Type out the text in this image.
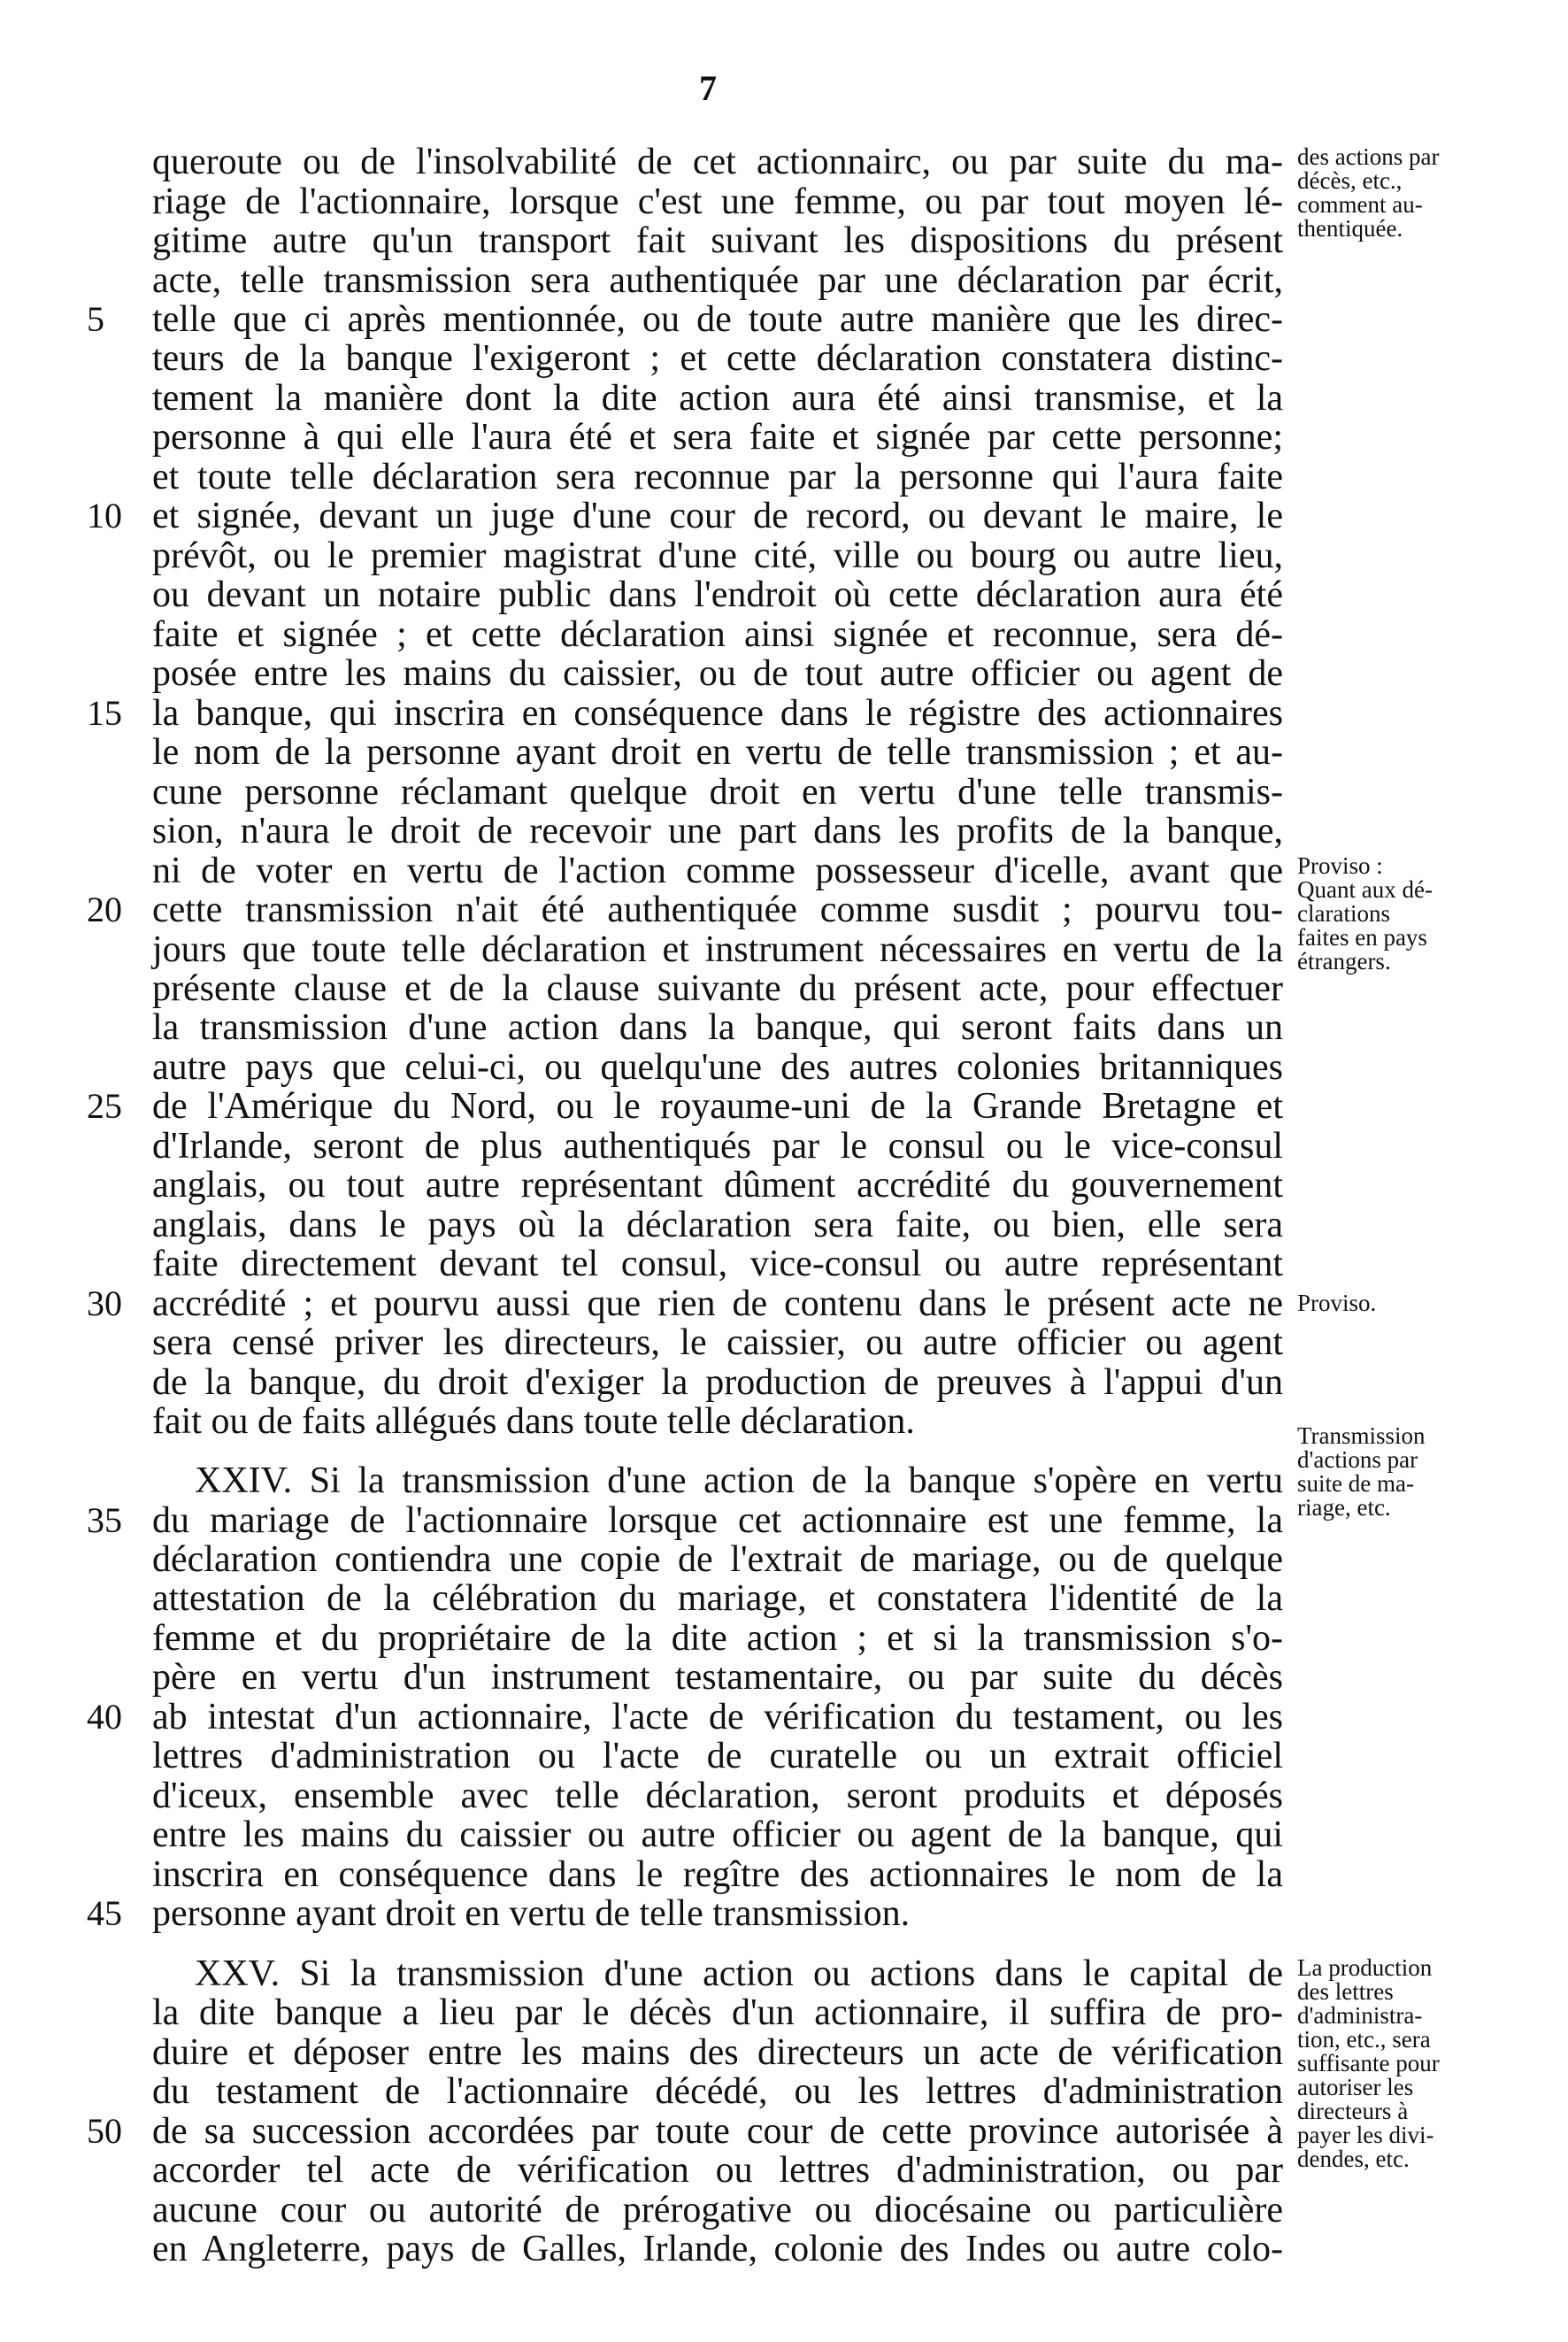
7
queroute ou de l'insolvabilité de cet actionnairc, ou par suite du ma-
riage de l'actionnaire, lorsque c'est une femme, ou par tout moyen lé-
gitime autre qu'un transport fait suivant les dispositions du présent
acte, telle transmission sera authentiquée par une déclaration par écrit,
telle que ci après mentionnée, ou de toute autre manière que les direc-
teurs de la banque l'exigeront ; et cette déclaration constatera distinc-
tement la manière dont la dite action aura été ainsi transmise, et la
personne à qui elle l'aura été et sera faite et signée par cette personne;
et toute telle déclaration sera reconnue par la personne qui l'aura faite
et signée, devant un juge d'une cour de record, ou devant le maire, le
prévôt, ou le premier magistrat d'une cité, ville ou bourg ou autre lieu,
ou devant un notaire public dans l'endroit où cette déclaration aura été
faite et signée ; et cette déclaration ainsi signée et reconnue, sera dé-
posée entre les mains du caissier, ou de tout autre officier ou agent de
la banque, qui inscrira en conséquence dans le régistre des actionnaires
le nom de la personne ayant droit en vertu de telle transmission ; et au-
cune personne réclamant quelque droit en vertu d'une telle transmis-
sion, n'aura le droit de recevoir une part dans les profits de la banque,
ni de voter en vertu de l'action comme possesseur d'icelle, avant que
cette transmission n'ait été authentiquée comme susdit ; pourvu tou-
jours que toute telle déclaration et instrument nécessaires en vertu de la
présente clause et de la clause suivante du présent acte, pour effectuer
la transmission d'une action dans la banque, qui seront faits dans un
autre pays que celui-ci, ou quelqu'une des autres colonies britanniques
de l'Amérique du Nord, ou le royaume-uni de la Grande Bretagne et
d'Irlande, seront de plus authentiqués par le consul ou le vice-consul
anglais, ou tout autre représentant dûment accrédité du gouvernement
anglais, dans le pays où la déclaration sera faite, ou bien, elle sera
faite directement devant tel consul, vice-consul ou autre représentant
accrédité ; et pourvu aussi que rien de contenu dans le présent acte ne
sera censé priver les directeurs, le caissier, ou autre officier ou agent
de la banque, du droit d'exiger la production de preuves à l'appui d'un
fait ou de faits allégués dans toute telle déclaration.
XXIV. Si la transmission d'une action de la banque s'opère en vertu
du mariage de l'actionnaire lorsque cet actionnaire est une femme, la
déclaration contiendra une copie de l'extrait de mariage, ou de quelque
attestation de la célébration du mariage, et constatera l'identité de la
femme et du propriétaire de la dite action ; et si la transmission s'o-
père en vertu d'un instrument testamentaire, ou par suite du décès
ab intestat d'un actionnaire, l'acte de vérification du testament, ou les
lettres d'administration ou l'acte de curatelle ou un extrait officiel
d'iceux, ensemble avec telle déclaration, seront produits et déposés
entre les mains du caissier ou autre officier ou agent de la banque, qui
inscrira en conséquence dans le regître des actionnaires le nom de la
personne ayant droit en vertu de telle transmission.
XXV. Si la transmission d'une action ou actions dans le capital de
la dite banque a lieu par le décès d'un actionnaire, il suffira de pro-
duire et déposer entre les mains des directeurs un acte de vérification
du testament de l'actionnaire décédé, ou les lettres d'administration
de sa succession accordées par toute cour de cette province autorisée à
accorder tel acte de vérification ou lettres d'administration, ou par
aucune cour ou autorité de prérogative ou diocésaine ou particulière
en Angleterre, pays de Galles, Irlande, colonie des Indes ou autre colo-
5
10
15
20
25
30
35
40
45
50
des actions par
décès, etc.,
comment au-
thentiquée.
Proviso :
Quant aux dé-
clarations
faites en pays
étrangers.
Proviso.
Transmission
d'actions par
suite de ma-
riage, etc.
La production
des lettres
d'administra-
tion, etc., sera
suffisante pour
autoriser les
directeurs à
payer les divi-
dendes, etc.
